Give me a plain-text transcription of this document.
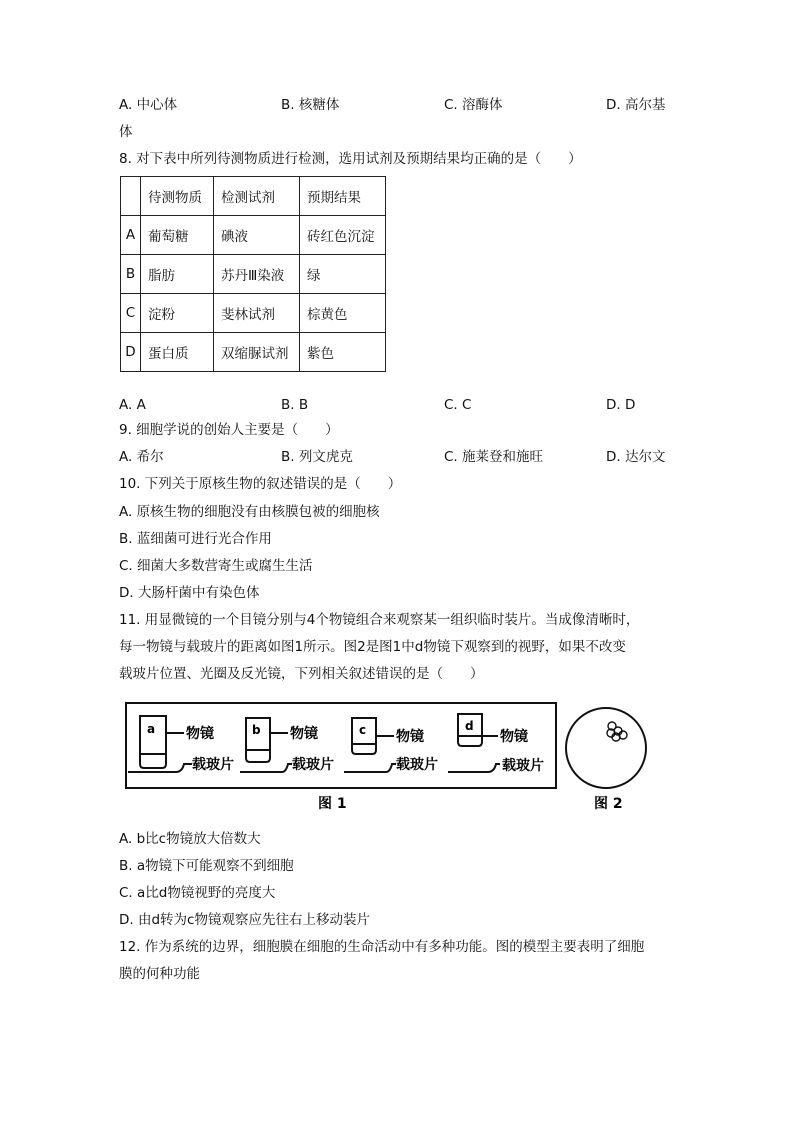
A. 中心体	B. 核糖体	C. 溶酶体	D. 高尔基
体
8. 对下表中所列待测物质进行检测，选用试剂及预期结果均正确的是（　　）
	待测物质	检测试剂	预期结果
A	葡萄糖	碘液	砖红色沉淀
B	脂肪	苏丹Ⅲ染液	绿
C	淀粉	斐林试剂	棕黄色
D	蛋白质	双缩脲试剂	紫色
A. A	B. B	C. C	D. D
9. 细胞学说的创始人主要是（　　）
A. 希尔	B. 列文虎克	C. 施莱登和施旺	D. 达尔文
10. 下列关于原核生物的叙述错误的是（　　）
A. 原核生物的细胞没有由核膜包被的细胞核
B. 蓝细菌可进行光合作用
C. 细菌大多数营寄生或腐生生活
D. 大肠杆菌中有染色体
11. 用显微镜的一个目镜分别与4个物镜组合来观察某一组织临时装片。当成像清晰时，
每一物镜与载玻片的距离如图1所示。图2是图1中d物镜下观察到的视野，如果不改变
载玻片位置、光圈及反光镜，下列相关叙述错误的是（　　）
a 物镜
载玻片
b 物镜
载玻片
c 物镜
载玻片
d
物镜
载玻片
图 1	图 2
A. b比c物镜放大倍数大
B. a物镜下可能观察不到细胞
C. a比d物镜视野的亮度大
D. 由d转为c物镜观察应先往右上移动装片
12. 作为系统的边界，细胞膜在细胞的生命活动中有多种功能。图的模型主要表明了细胞
膜的何种功能
